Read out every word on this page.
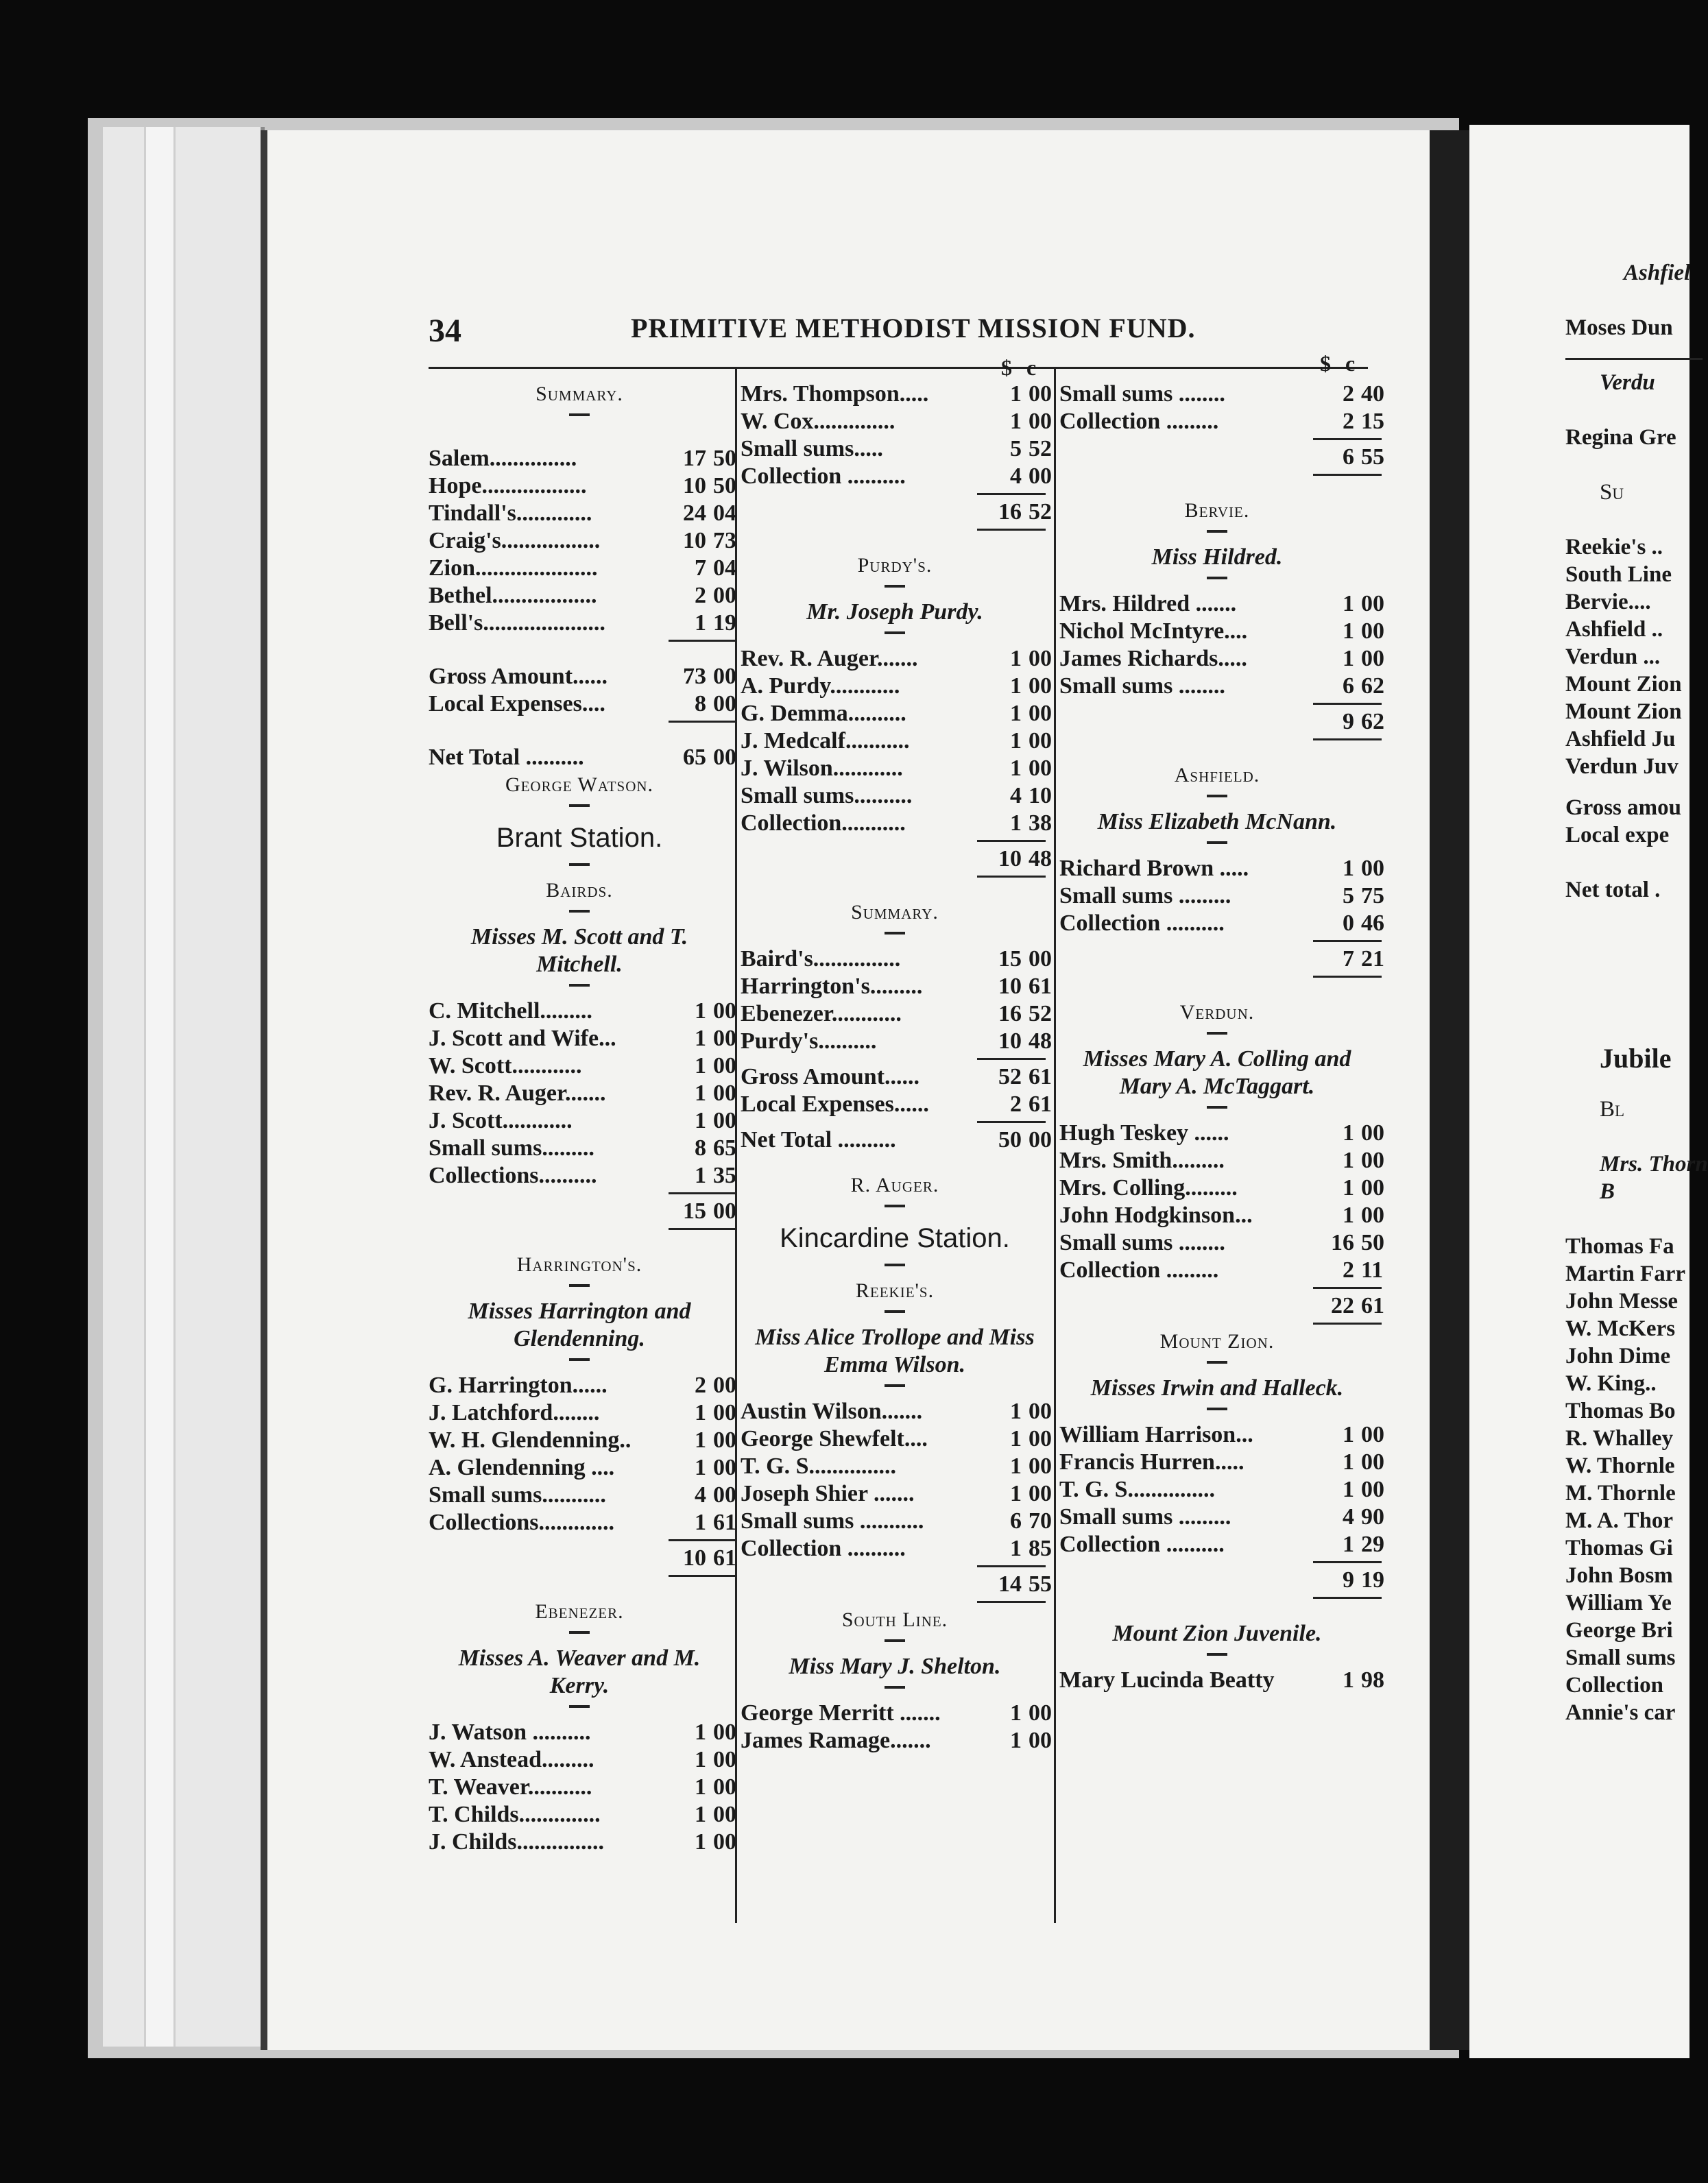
Ashfiel
Moses Dun
Verdu
Regina Gre
Su
Reekie's ..
South Line
Bervie....
Ashfield ..
Verdun ...
Mount Zion
Mount Zion
Ashfield Ju
Verdun Juv
Gross amou
Local expe
Net total .
Jubile
Bl
Mrs. Thorn
B
Thomas Fa
Martin Farr
John Messe
W. McKers
John Dime
W. King..
Thomas Bo
R. Whalley
W. Thornle
M. Thornle
M. A. Thor
Thomas Gi
John Bosm
William Ye
George Bri
Small sums
Collection
Annie's car
34	PRIMITIVE METHODIST MISSION FUND.
$ c	$ c
Summary.
Salem...............	17 50
Hope..................	10 50
Tindall's.............	24 04
Craig's.................	10 73
Zion.....................	7 04
Bethel..................	2 00
Bell's.....................	1 19
Gross Amount......	73 00
Local Expenses....	8 00
Net Total ..........	65 00
George Watson.
Brant Station.
Bairds.
Misses M. Scott and T. Mitchell.
C. Mitchell.........	1 00
J. Scott and Wife...	1 00
W. Scott............	1 00
Rev. R. Auger.......	1 00
J. Scott............	1 00
Small sums.........	8 65
Collections..........	1 35
15 00
Harrington's.
Misses Harrington and Glendenning.
G. Harrington......	2 00
J. Latchford........	1 00
W. H. Glendenning..	1 00
A. Glendenning ....	1 00
Small sums...........	4 00
Collections.............	1 61
10 61
Ebenezer.
Misses A. Weaver and M. Kerry.
J. Watson ..........	1 00
W. Anstead.........	1 00
T. Weaver...........	1 00
T. Childs..............	1 00
J. Childs...............	1 00
Mrs. Thompson.....	1 00
W. Cox..............	1 00
Small sums.....	5 52
Collection ..........	4 00
16 52
Purdy's.
Mr. Joseph Purdy.
Rev. R. Auger.......	1 00
A. Purdy............	1 00
G. Demma..........	1 00
J. Medcalf...........	1 00
J. Wilson............	1 00
Small sums..........	4 10
Collection...........	1 38
10 48
Summary.
Baird's...............	15 00
Harrington's.........	10 61
Ebenezer............	16 52
Purdy's..........	10 48
Gross Amount......	52 61
Local Expenses......	2 61
Net Total ..........	50 00
R. Auger.
Kincardine Station.
Reekie's.
Miss Alice Trollope and Miss Emma Wilson.
Austin Wilson.......	1 00
George Shewfelt....	1 00
T. G. S...............	1 00
Joseph Shier .......	1 00
Small sums ...........	6 70
Collection ..........	1 85
14 55
South Line.
Miss Mary J. Shelton.
George Merritt .......	1 00
James Ramage.......	1 00
Small sums ........	2 40
Collection .........	2 15
6 55
Bervie.
Miss Hildred.
Mrs. Hildred .......	1 00
Nichol McIntyre....	1 00
James Richards.....	1 00
Small sums ........	6 62
9 62
Ashfield.
Miss Elizabeth McNann.
Richard Brown .....	1 00
Small sums .........	5 75
Collection ..........	0 46
7 21
Verdun.
Misses Mary A. Colling and Mary A. McTaggart.
Hugh Teskey ......	1 00
Mrs. Smith.........	1 00
Mrs. Colling.........	1 00
John Hodgkinson...	1 00
Small sums ........	16 50
Collection .........	2 11
22 61
Mount Zion.
Misses Irwin and Halleck.
William Harrison...	1 00
Francis Hurren.....	1 00
T. G. S...............	1 00
Small sums .........	4 90
Collection ..........	1 29
9 19
Mount Zion Juvenile.
Mary Lucinda Beatty	1 98
